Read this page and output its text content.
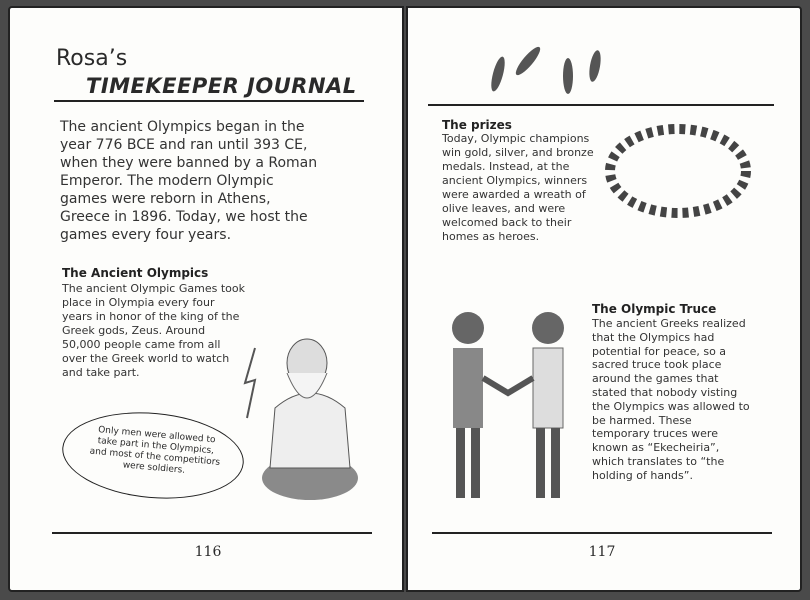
Rosa’s
TIMEKEEPER JOURNAL
The ancient Olympics began in the year 776 BCE and ran until 393 CE, when they were banned by a Roman Emperor. The modern Olympic games were reborn in Athens, Greece in 1896. Today, we host the games every four years.
The Ancient Olympics
The ancient Olympic Games took place in Olympia every four years in honor of the king of the Greek gods, Zeus. Around 50,000 people came from all over the Greek world to watch and take part.
Only men were allowed to take part in the Olympics, and most of the competitiors were soldiers.
116
The prizes
Today, Olympic champions win gold, silver, and bronze medals. Instead, at the ancient Olympics, winners were awarded a wreath of olive leaves, and were welcomed back to their homes as heroes.
The Olympic Truce
The ancient Greeks realized that the Olympics had potential for peace, so a sacred truce took place around the games that stated that nobody visting the Olympics was allowed to be harmed. These temporary truces were known as “Ekecheiria”, which translates to “the holding of hands”.
117
